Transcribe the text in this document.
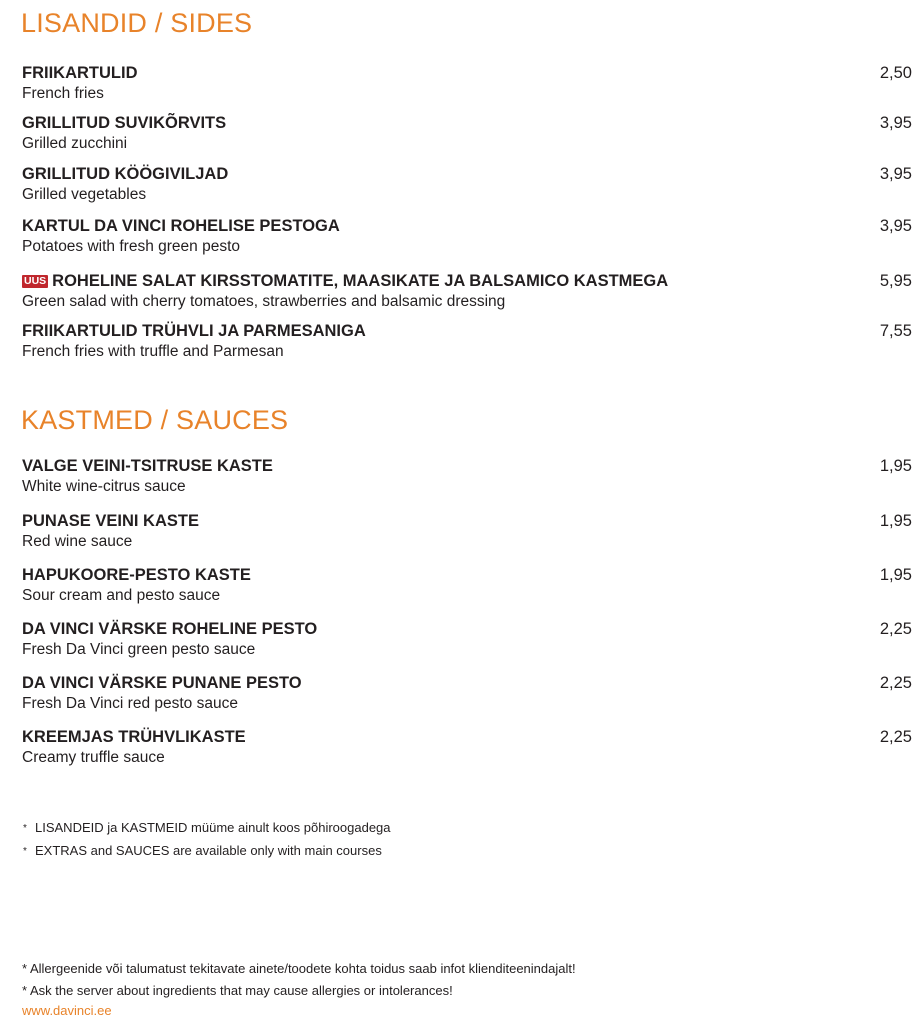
LISANDID / SIDES
FRIIKARTULID
French fries
2,50
GRILLITUD SUVIKÕRVITS
Grilled zucchini
3,95
GRILLITUD KÖÖGIVILJAD
Grilled vegetables
3,95
KARTUL DA VINCI ROHELISE PESTOGA
Potatoes with fresh green pesto
3,95
UUS ROHELINE SALAT KIRSSTOMATITE, MAASIKATE JA BALSAMICO KASTMEGA
Green salad with cherry tomatoes, strawberries and balsamic dressing
5,95
FRIIKARTULID TRÜHVLI JA PARMESANIGA
French fries with truffle and Parmesan
7,55
KASTMED / SAUCES
VALGE VEINI-TSITRUSE KASTE
White wine-citrus sauce
1,95
PUNASE VEINI KASTE
Red wine sauce
1,95
HAPUKOORE-PESTO KASTE
Sour cream and pesto sauce
1,95
DA VINCI VÄRSKE ROHELINE PESTO
Fresh Da Vinci green pesto sauce
2,25
DA VINCI VÄRSKE PUNANE PESTO
Fresh Da Vinci red pesto sauce
2,25
KREEMJAS TRÜHVLIKASTE
Creamy truffle sauce
2,25
* LISANDEID ja KASTMEID müüme ainult koos põhiroogadega
* EXTRAS and SAUCES are available only with main courses
* Allergeenide või talumatust tekitavate ainete/toodete kohta toidus saab infot klienditeenindajalt!
* Ask the server about ingredients that may cause allergies or intolerances!
www.davinci.ee
